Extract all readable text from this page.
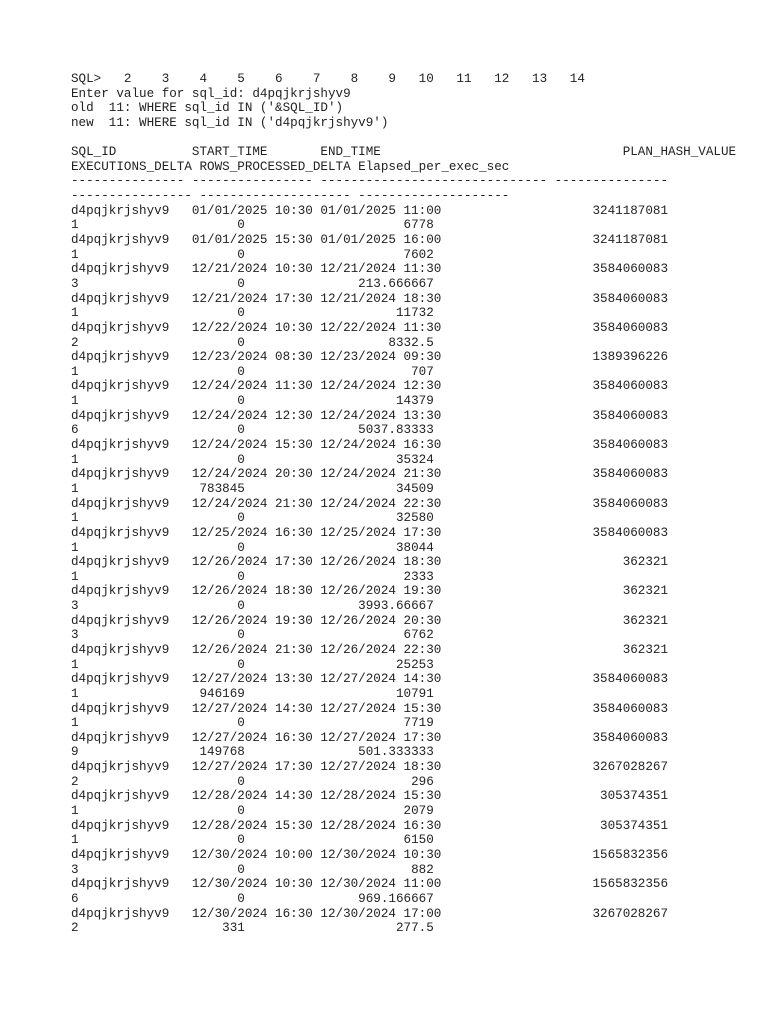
SQL>   2    3    4    5    6    7    8    9   10   11   12   13   14
Enter value for sql_id: d4pqjkrjshyv9
old  11: WHERE sql_id IN ('&SQL_ID')
new  11: WHERE sql_id IN ('d4pqjkrjshyv9')
SQL_ID          START_TIME       END_TIME                                PLAN_HASH_VALUE
EXECUTIONS_DELTA ROWS_PROCESSED_DELTA Elapsed_per_exec_sec
--------------- ---------------- ------------------------------ ---------------
---------------- -------------------- --------------------
d4pqjkrjshyv9   01/01/2025 10:30 01/01/2025 11:00                    3241187081
1                     0                     6778
d4pqjkrjshyv9   01/01/2025 15:30 01/01/2025 16:00                    3241187081
1                     0                     7602
d4pqjkrjshyv9   12/21/2024 10:30 12/21/2024 11:30                    3584060083
3                     0               213.666667
d4pqjkrjshyv9   12/21/2024 17:30 12/21/2024 18:30                    3584060083
1                     0                    11732
d4pqjkrjshyv9   12/22/2024 10:30 12/22/2024 11:30                    3584060083
2                     0                   8332.5
d4pqjkrjshyv9   12/23/2024 08:30 12/23/2024 09:30                    1389396226
1                     0                      707
d4pqjkrjshyv9   12/24/2024 11:30 12/24/2024 12:30                    3584060083
1                     0                    14379
d4pqjkrjshyv9   12/24/2024 12:30 12/24/2024 13:30                    3584060083
6                     0               5037.83333
d4pqjkrjshyv9   12/24/2024 15:30 12/24/2024 16:30                    3584060083
1                     0                    35324
d4pqjkrjshyv9   12/24/2024 20:30 12/24/2024 21:30                    3584060083
1                783845                    34509
d4pqjkrjshyv9   12/24/2024 21:30 12/24/2024 22:30                    3584060083
1                     0                    32580
d4pqjkrjshyv9   12/25/2024 16:30 12/25/2024 17:30                    3584060083
1                     0                    38044
d4pqjkrjshyv9   12/26/2024 17:30 12/26/2024 18:30                        362321
1                     0                     2333
d4pqjkrjshyv9   12/26/2024 18:30 12/26/2024 19:30                        362321
3                     0               3993.66667
d4pqjkrjshyv9   12/26/2024 19:30 12/26/2024 20:30                        362321
3                     0                     6762
d4pqjkrjshyv9   12/26/2024 21:30 12/26/2024 22:30                        362321
1                     0                    25253
d4pqjkrjshyv9   12/27/2024 13:30 12/27/2024 14:30                    3584060083
1                946169                    10791
d4pqjkrjshyv9   12/27/2024 14:30 12/27/2024 15:30                    3584060083
1                     0                     7719
d4pqjkrjshyv9   12/27/2024 16:30 12/27/2024 17:30                    3584060083
9                149768               501.333333
d4pqjkrjshyv9   12/27/2024 17:30 12/27/2024 18:30                    3267028267
2                     0                      296
d4pqjkrjshyv9   12/28/2024 14:30 12/28/2024 15:30                     305374351
1                     0                     2079
d4pqjkrjshyv9   12/28/2024 15:30 12/28/2024 16:30                     305374351
1                     0                     6150
d4pqjkrjshyv9   12/30/2024 10:00 12/30/2024 10:30                    1565832356
3                     0                      882
d4pqjkrjshyv9   12/30/2024 10:30 12/30/2024 11:00                    1565832356
6                     0               969.166667
d4pqjkrjshyv9   12/30/2024 16:30 12/30/2024 17:00                    3267028267
2                   331                    277.5
